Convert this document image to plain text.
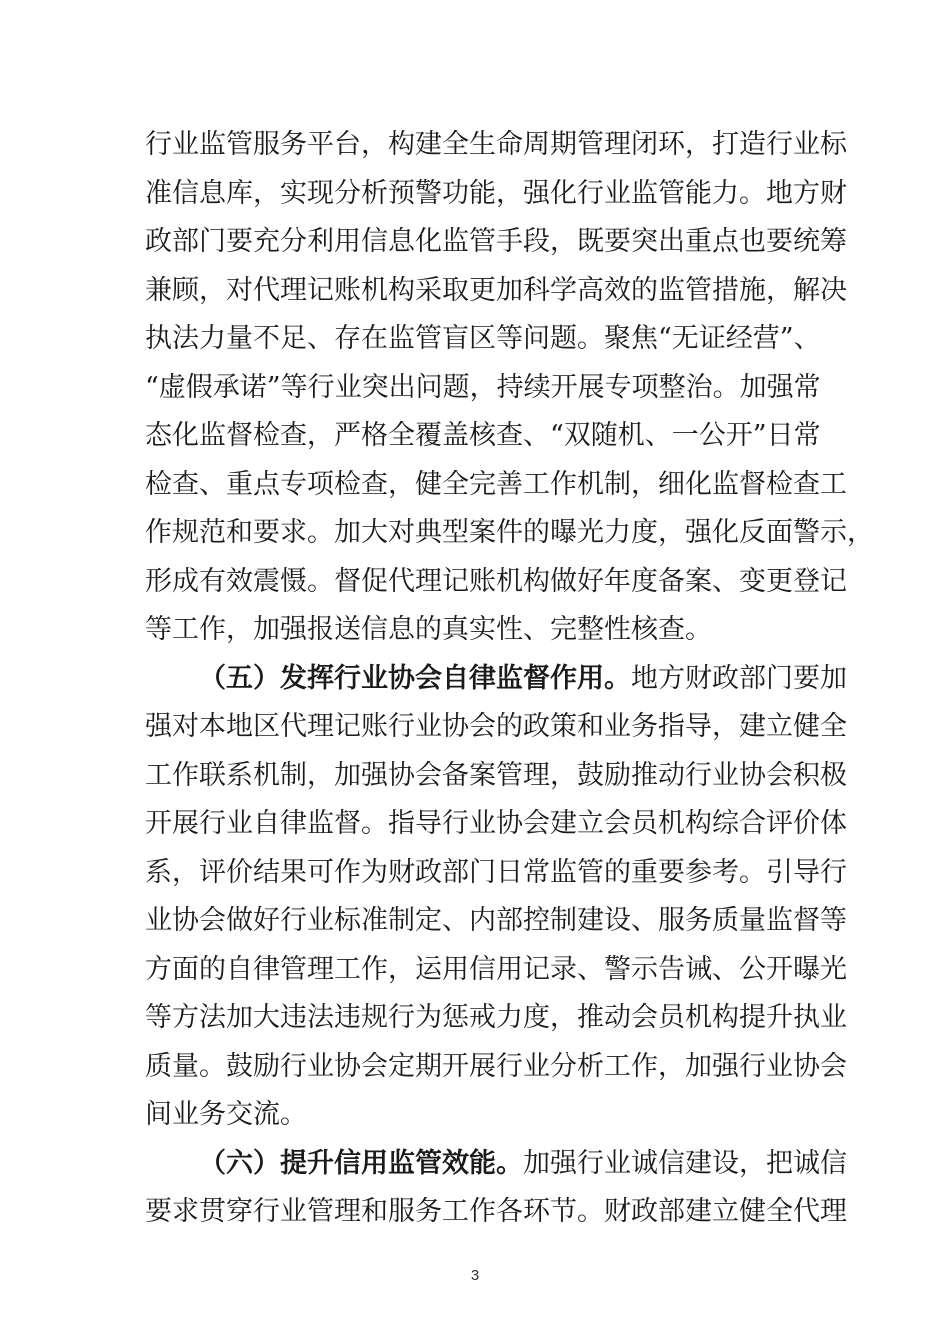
行业监管服务平台，构建全生命周期管理闭环，打造行业标
准信息库，实现分析预警功能，强化行业监管能力。地方财
政部门要充分利用信息化监管手段，既要突出重点也要统筹
兼顾，对代理记账机构采取更加科学高效的监管措施，解决
执法力量不足、存在监管盲区等问题。聚焦“无证经营”、
“虚假承诺”等行业突出问题，持续开展专项整治。加强常
态化监督检查，严格全覆盖核查、“双随机、一公开”日常
检查、重点专项检查，健全完善工作机制，细化监督检查工
作规范和要求。加大对典型案件的曝光力度，强化反面警示，
形成有效震慑。督促代理记账机构做好年度备案、变更登记
等工作，加强报送信息的真实性、完整性核查。
（五）发挥行业协会自律监督作用。地方财政部门要加
强对本地区代理记账行业协会的政策和业务指导，建立健全
工作联系机制，加强协会备案管理，鼓励推动行业协会积极
开展行业自律监督。指导行业协会建立会员机构综合评价体
系，评价结果可作为财政部门日常监管的重要参考。引导行
业协会做好行业标准制定、内部控制建设、服务质量监督等
方面的自律管理工作，运用信用记录、警示告诫、公开曝光
等方法加大违法违规行为惩戒力度，推动会员机构提升执业
质量。鼓励行业协会定期开展行业分析工作，加强行业协会
间业务交流。
（六）提升信用监管效能。加强行业诚信建设，把诚信
要求贯穿行业管理和服务工作各环节。财政部建立健全代理
3
